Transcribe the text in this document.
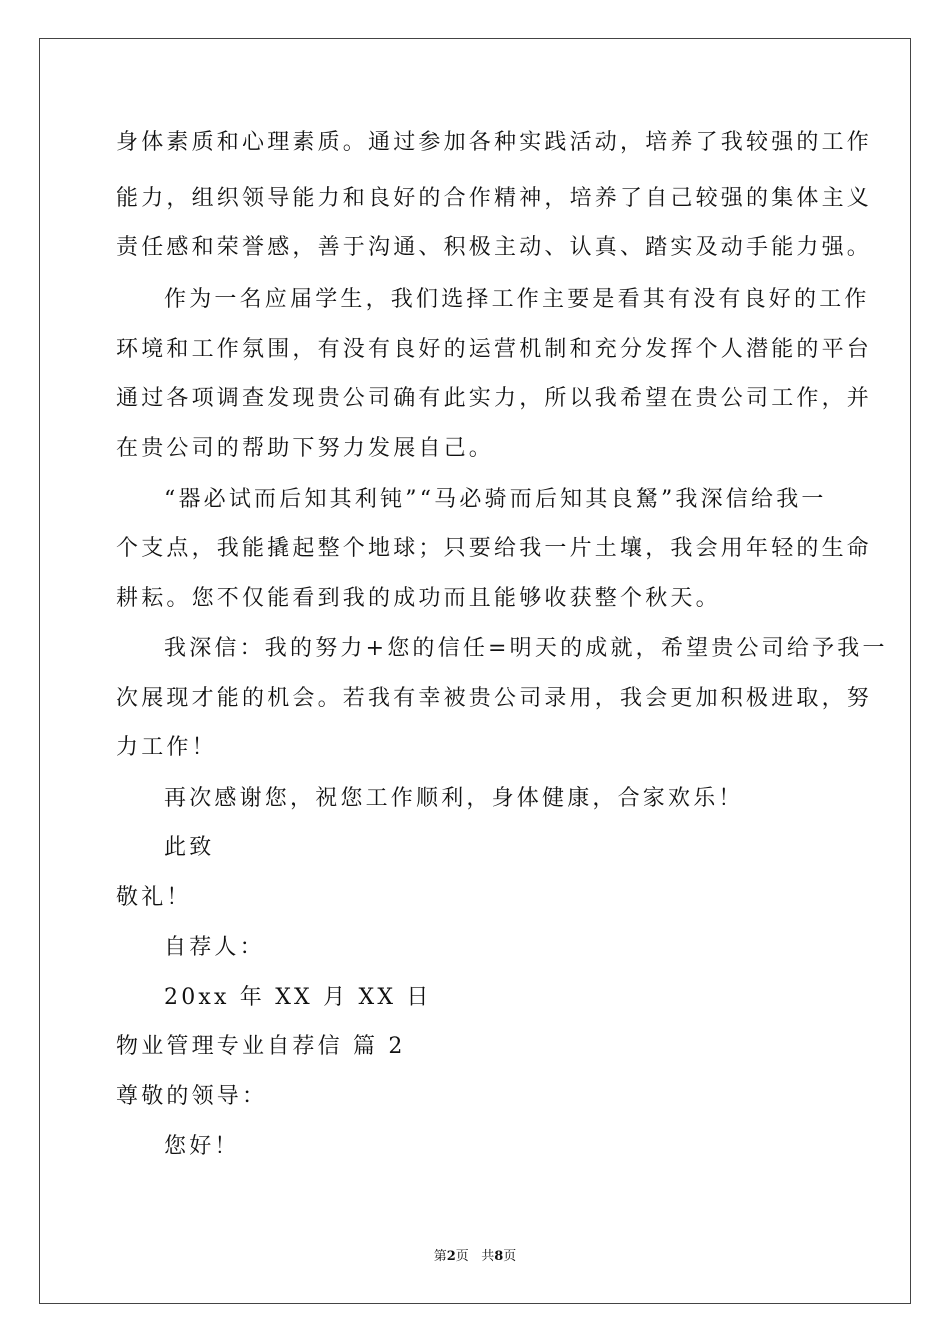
身体素质和心理素质。通过参加各种实践活动，培养了我较强的工作
能力，组织领导能力和良好的合作精神，培养了自己较强的集体主义
责任感和荣誉感，善于沟通、积极主动、认真、踏实及动手能力强。
作为一名应届学生，我们选择工作主要是看其有没有良好的工作
环境和工作氛围，有没有良好的运营机制和充分发挥个人潜能的平台
通过各项调查发现贵公司确有此实力，所以我希望在贵公司工作，并
在贵公司的帮助下努力发展自己。
“器必试而后知其利钝”“马必骑而后知其良駑”我深信给我一
个支点，我能撬起整个地球；只要给我一片土壤，我会用年轻的生命
耕耘。您不仅能看到我的成功而且能够收获整个秋天。
我深信：我的努力+您的信任=明天的成就，希望贵公司给予我一
次展现才能的机会。若我有幸被贵公司录用，我会更加积极进取，努
力工作！
再次感谢您，祝您工作顺利，身体健康，合家欢乐！
此致
敬礼！
自荐人：
20xx 年 XX 月 XX 日
物业管理专业自荐信 篇 2
尊敬的领导：
您好！
第2页   共8页
